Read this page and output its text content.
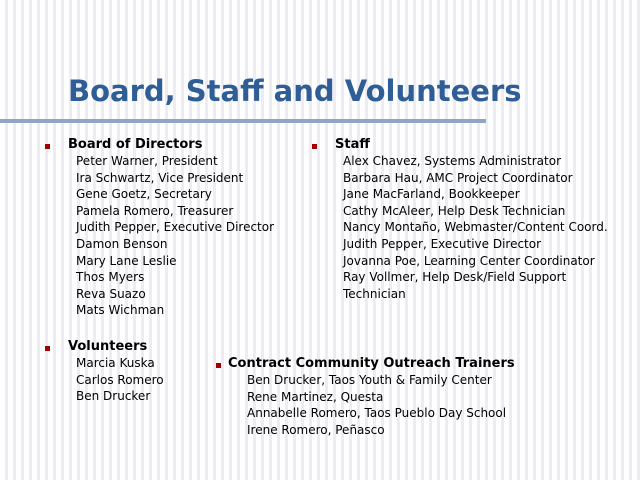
Board, Staff and Volunteers
Board of Directors
Peter Warner, President
Ira Schwartz, Vice President
Gene Goetz, Secretary
Pamela Romero, Treasurer
Judith Pepper, Executive Director
Damon Benson
Mary Lane Leslie
Thos Myers
Reva Suazo
Mats Wichman
Staff
Alex Chavez, Systems Administrator
Barbara Hau, AMC Project Coordinator
Jane MacFarland, Bookkeeper
Cathy McAleer, Help Desk Technician
Nancy Montaño, Webmaster/Content Coord.
Judith Pepper, Executive Director
Jovanna Poe, Learning Center Coordinator
Ray Vollmer, Help Desk/Field Support
Technician
Volunteers
Marcia Kuska
Carlos Romero
Ben Drucker
Contract Community Outreach Trainers
Ben Drucker, Taos Youth & Family Center
Rene Martinez, Questa
Annabelle Romero, Taos Pueblo Day School
Irene Romero, Peñasco
